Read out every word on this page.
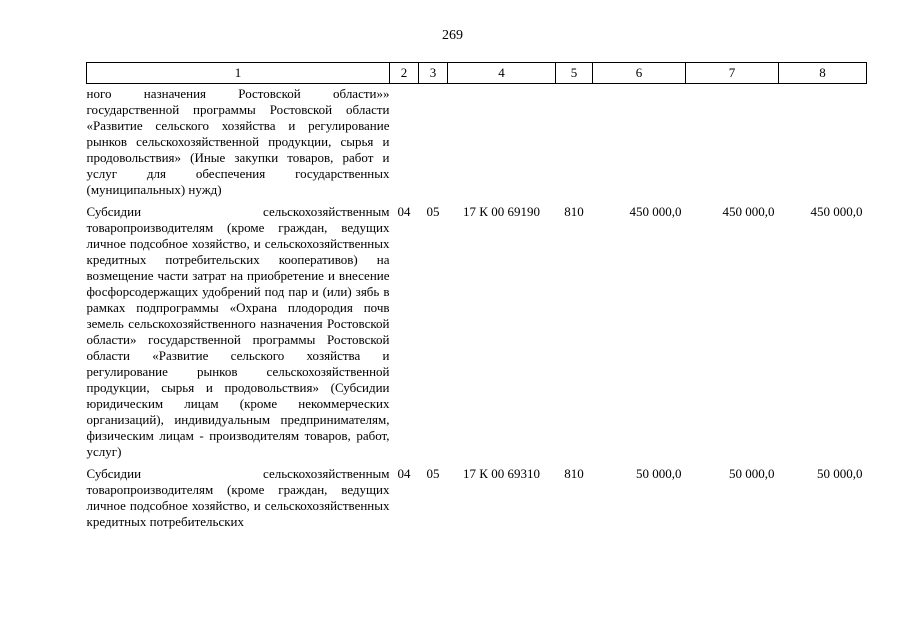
269
1	2	3	4	5	6	7	8
ного назначения Ростовской области»» государственной программы Ростовской области «Развитие сельского хозяйства и регулирование рынков сельскохозяйственной продукции, сырья и продовольствия» (Иные закупки товаров, работ и услуг для обеспечения государственных (муниципальных) нужд)							
Субсидии сельскохозяйственным товаропроизводителям (кроме граждан, ведущих личное подсобное хозяйство, и сельскохозяйственных кредитных потребительских кооперативов) на возмещение части затрат на приобретение и внесение фосфорсодержащих удобрений под пар и (или) зябь в рамках подпрограммы «Охрана плодородия почв земель сельскохозяйственного назначения Ростовской области» государственной программы Ростовской области «Развитие сельского хозяйства и регулирование рынков сельскохозяйственной продукции, сырья и продовольствия» (Субсидии юридическим лицам (кроме некоммерческих организаций), индивидуальным предпринимателям, физическим лицам - производителям товаров, работ, услуг)	04	05	17 К 00 69190	810	450 000,0	450 000,0	450 000,0
Субсидии сельскохозяйственным товаропроизводителям (кроме граждан, ведущих личное подсобное хозяйство, и сельскохозяйственных кредитных потребительских	04	05	17 К 00 69310	810	50 000,0	50 000,0	50 000,0
